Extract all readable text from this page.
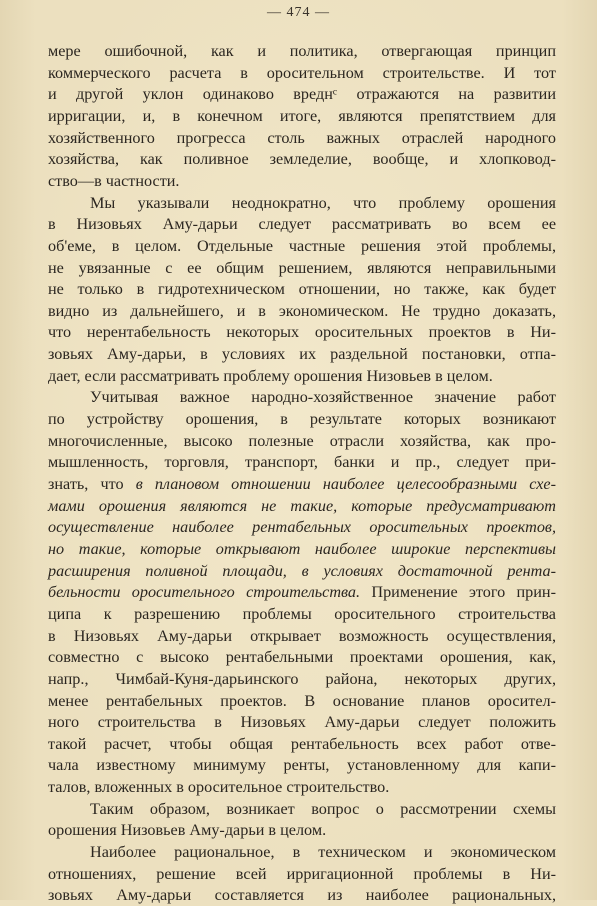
— 474 —
мере ошибочной, как и политика, отвергающая принцип
коммерческого расчета в оросительном строительстве. И тот
и другой уклон одинаково вреднᶜ отражаются на развитии
ирригации, и, в конечном итоге, являются препятствием для
хозяйственного прогресса столь важных отраслей народного
хозяйства, как поливное земледелие, вообще, и хлопковод-
ство—в частности.
Мы указывали неоднократно, что проблему орошения
в Низовьях Аму-дарьи следует рассматривать во всем ее
об'еме, в целом. Отдельные частные решения этой проблемы,
не увязанные с ее общим решением, являются неправильными
не только в гидротехническом отношении, но также, как будет
видно из дальнейшего, и в экономическом. Не трудно доказать,
что нерентабельность некоторых оросительных проектов в Ни-
зовьях Аму-дарьи, в условиях их раздельной постановки, отпа-
дает, если рассматривать проблему орошения Низовьев в целом.
Учитывая важное народно-хозяйственное значение работ
по устройству орошения, в результате которых возникают
многочисленные, высоко полезные отрасли хозяйства, как про-
мышленность, торговля, транспорт, банки и пр., следует при-
знать, что в плановом отношении наиболее целесообразными схе-
мами орошения являются не такие, которые предусматривают
осуществление наиболее рентабельных оросительных проектов,
но такие, которые открывают наиболее широкие перспективы
расширения поливной площади, в условиях достаточной рента-
бельности оросительного строительства. Применение этого прин-
ципа к разрешению проблемы оросительного строительства
в Низовьях Аму-дарьи открывает возможность осуществления,
совместно с высоко рентабельными проектами орошения, как,
напр., Чимбай-Куня-дарьинского района, некоторых других,
менее рентабельных проектов. В основание планов оросител-
ного строительства в Низовьях Аму-дарьи следует положить
такой расчет, чтобы общая рентабельность всех работ отве-
чала известному минимуму ренты, установленному для капи-
талов, вложенных в оросительное строительство.
Таким образом, возникает вопрос о рассмотрении схемы
орошения Низовьев Аму-дарьи в целом.
Наиболее рациональное, в техническом и экономическом
отношениях, решение всей ирригационной проблемы в Ни-
зовьях Аму-дарьи составляется из наиболее рациональных,
